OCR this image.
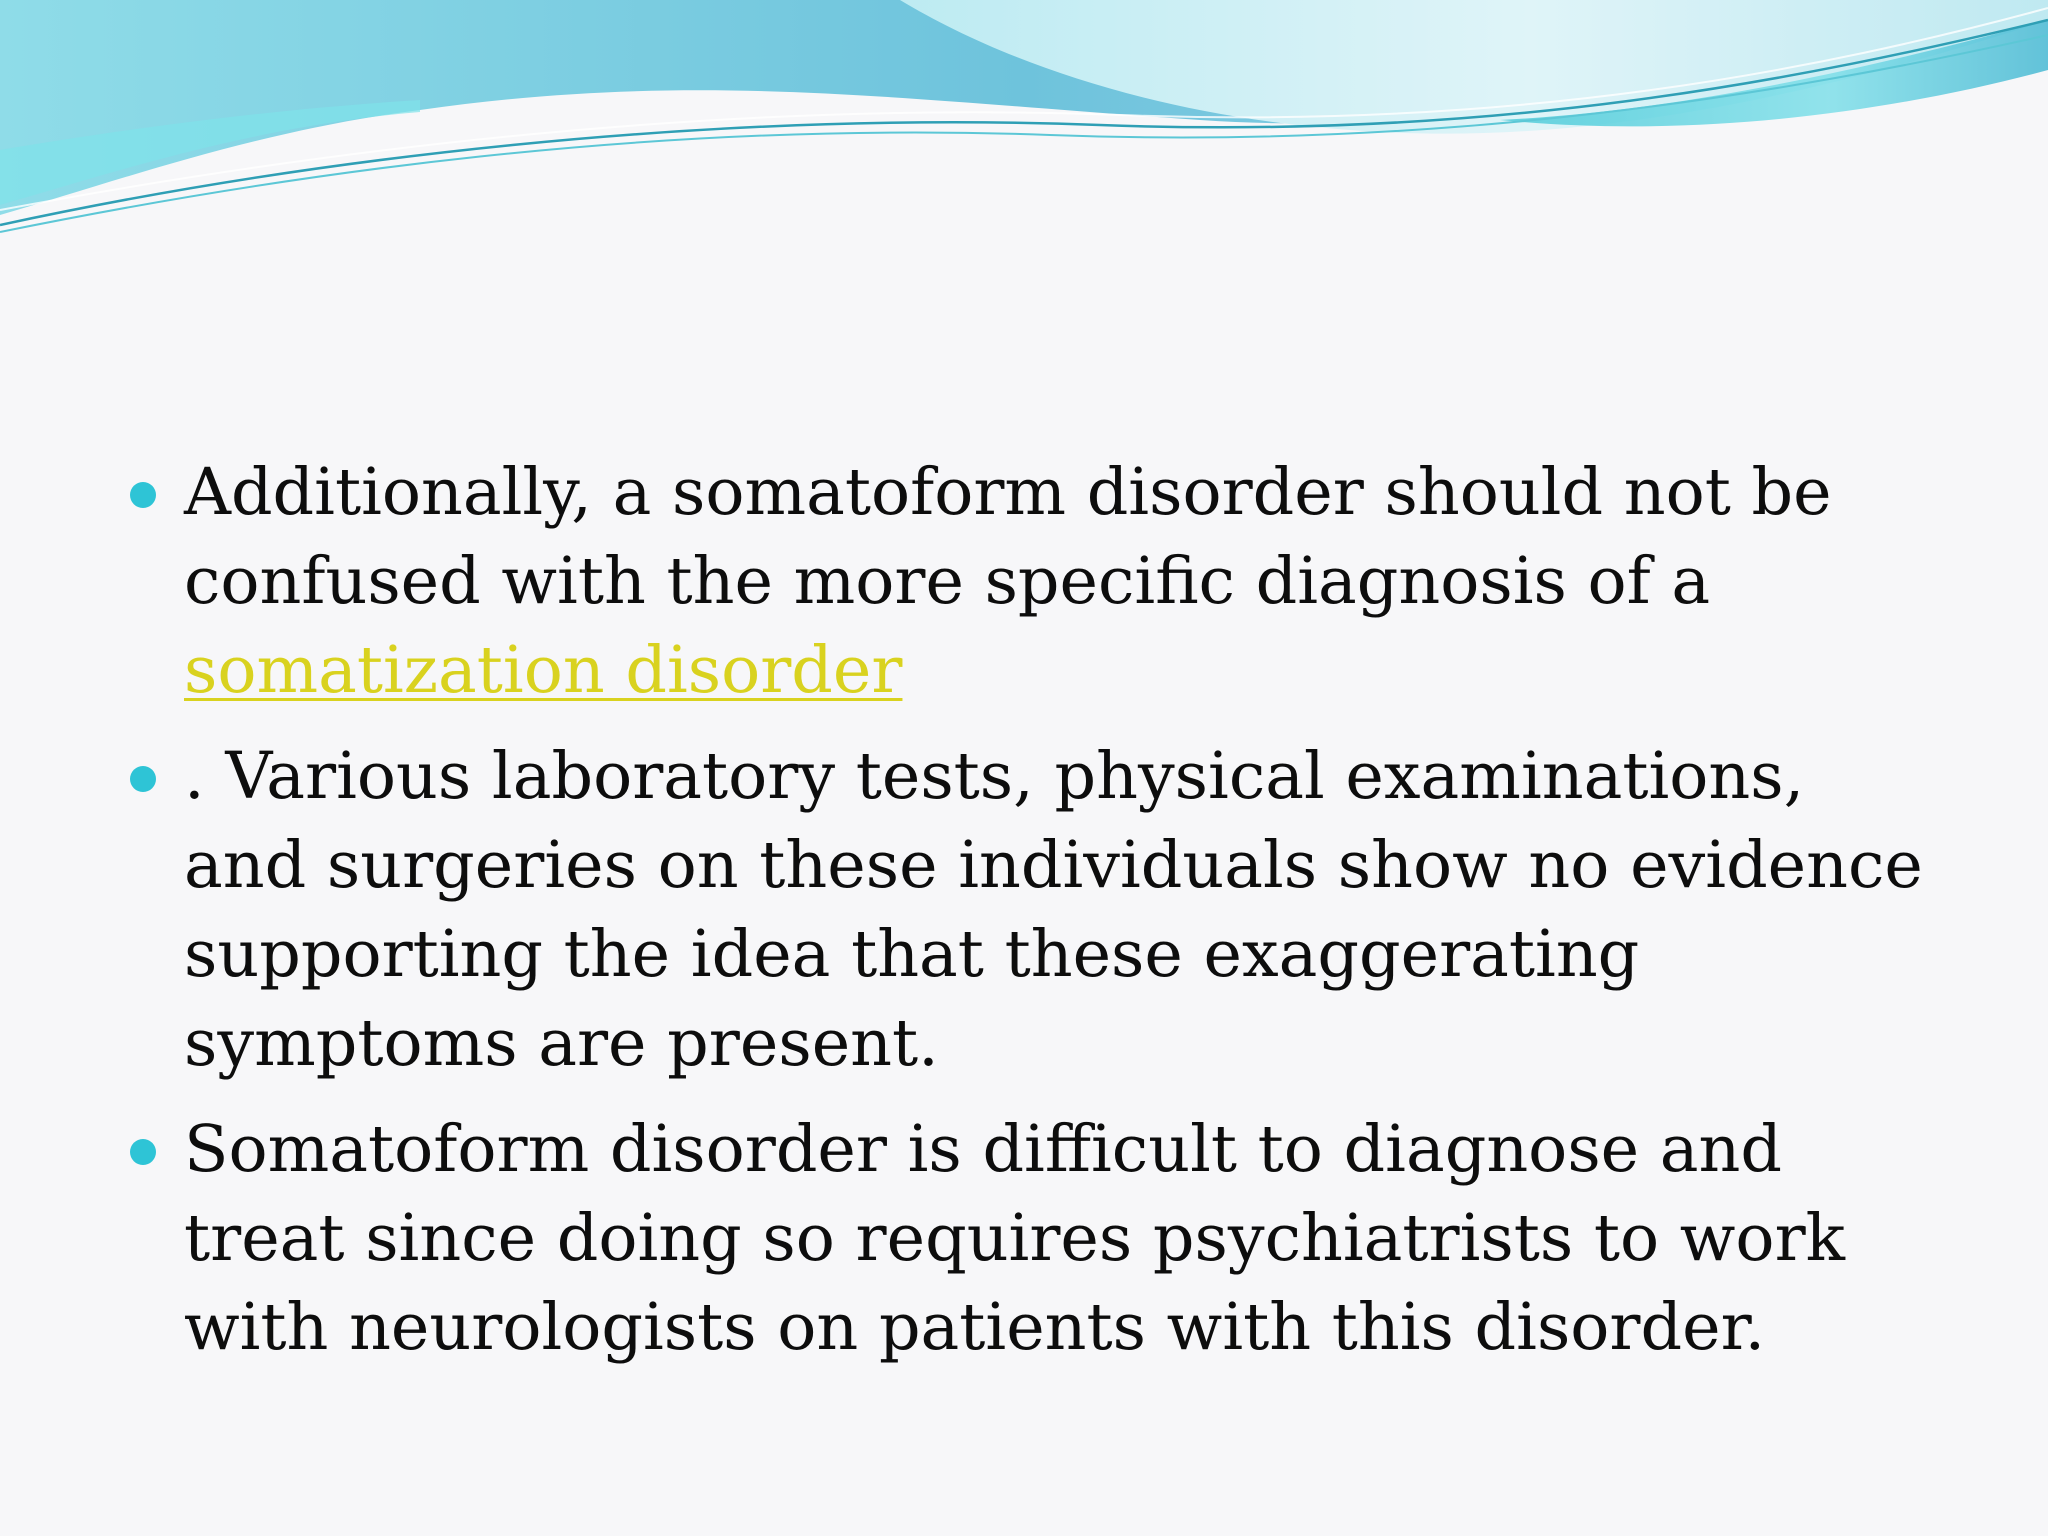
Additionally, a somatoform disorder should not be confused with the more specific diagnosis of a somatization disorder
. Various laboratory tests, physical examinations, and surgeries on these individuals show no evidence supporting the idea that these exaggerating symptoms are present.
Somatoform disorder is difficult to diagnose and treat since doing so requires psychiatrists to work with neurologists on patients with this disorder.
